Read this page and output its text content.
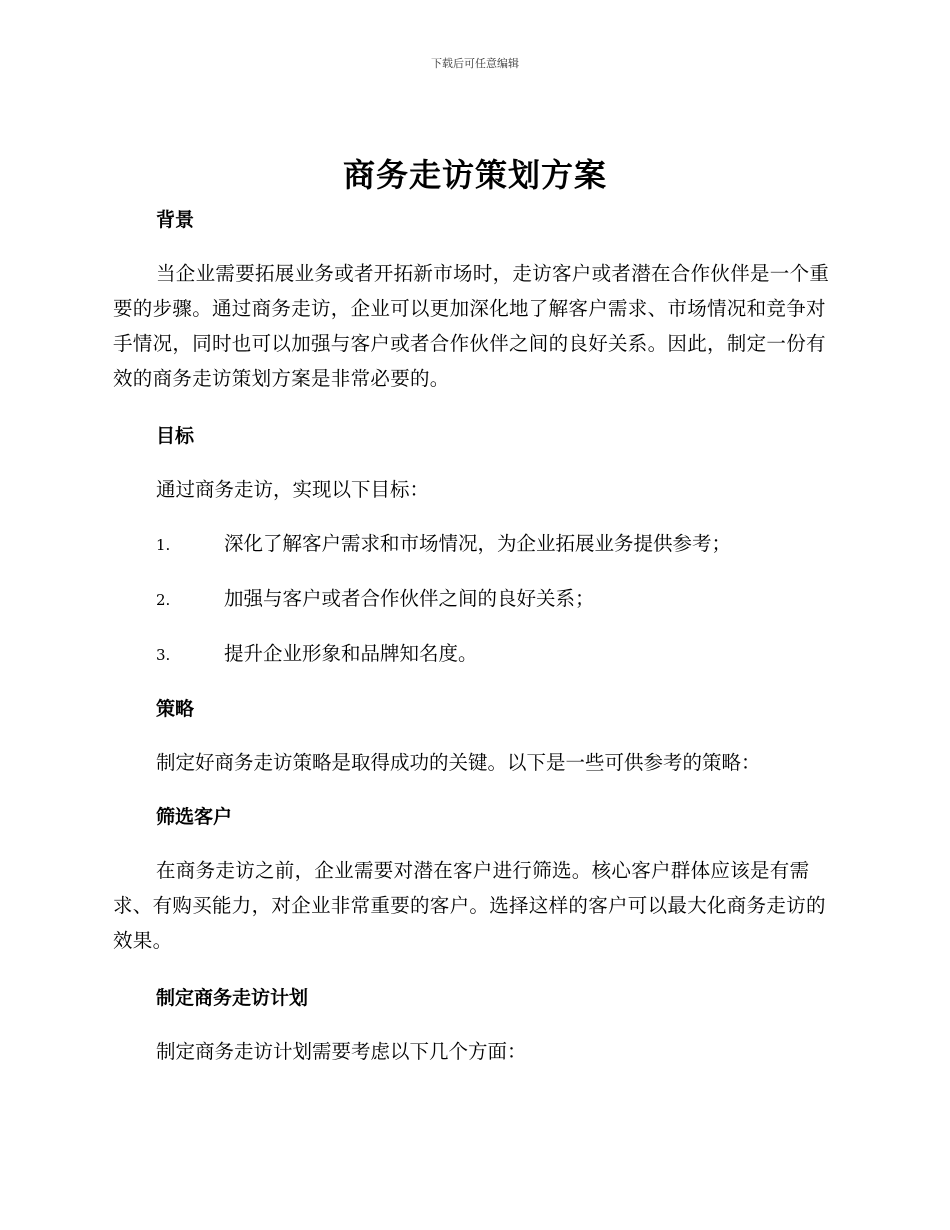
下载后可任意编辑
商务走访策划方案
背景

当企业需要拓展业务或者开拓新市场时，走访客户或者潜在合作伙伴是一个重要的步骤。通过商务走访，企业可以更加深化地了解客户需求、市场情况和竞争对手情况，同时也可以加强与客户或者合作伙伴之间的良好关系。因此，制定一份有效的商务走访策划方案是非常必要的。

目标

通过商务走访，实现以下目标：

1.	深化了解客户需求和市场情况，为企业拓展业务提供参考；
2.	加强与客户或者合作伙伴之间的良好关系；
3.	提升企业形象和品牌知名度。
策略

制定好商务走访策略是取得成功的关键。以下是一些可供参考的策略：

筛选客户

在商务走访之前，企业需要对潜在客户进行筛选。核心客户群体应该是有需求、有购买能力，对企业非常重要的客户。选择这样的客户可以最大化商务走访的效果。

制定商务走访计划

制定商务走访计划需要考虑以下几个方面：
